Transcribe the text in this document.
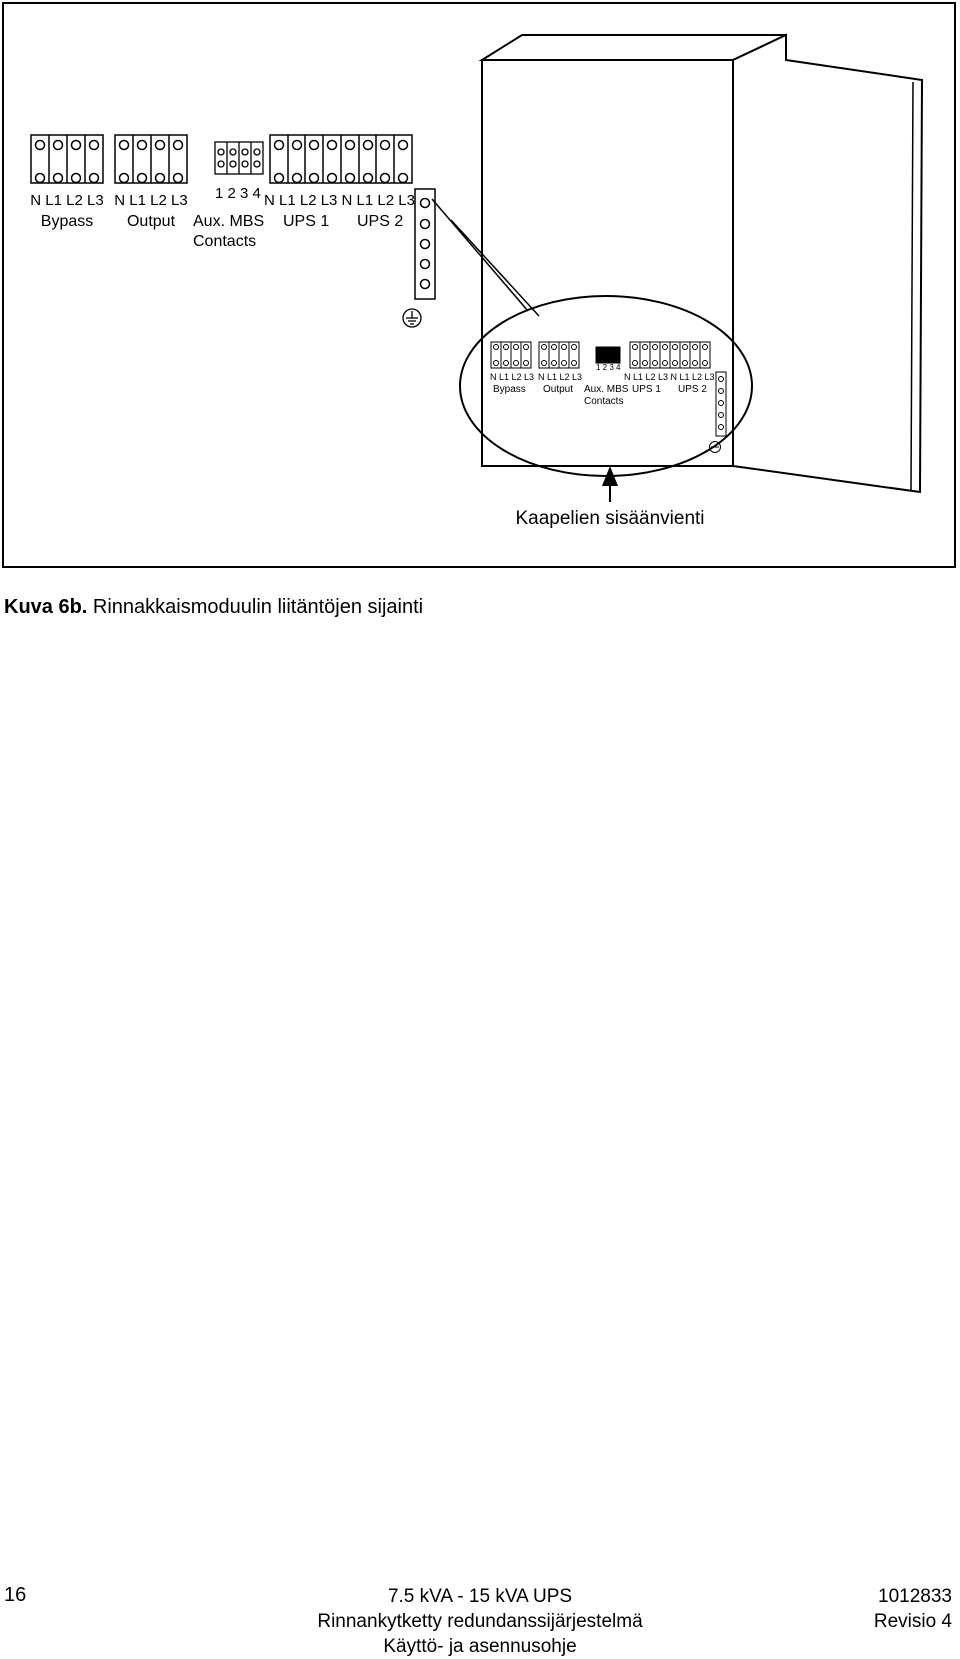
N L1 L2 L3
Bypass
N L1 L2 L3
Output
1 2 3 4
Aux. MBS
Contacts
N L1 L2 L3 N L1 L2 L3
UPS 1 UPS 2
N L1 L2 L3
Bypass
N L1 L2 L3
Output
1 2 3 4
Aux. MBS
Contacts
N L1 L2 L3 N L1 L2 L3
UPS 1 UPS 2
Kaapelien sisäänvienti
Kuva 6b. Rinnakkaismoduulin liitäntöjen sijainti
16	7.5 kVA - 15 kVA UPS
Rinnankytketty redundanssijärjestelmä
Käyttö- ja asennusohje
1012833
Revisio 4
